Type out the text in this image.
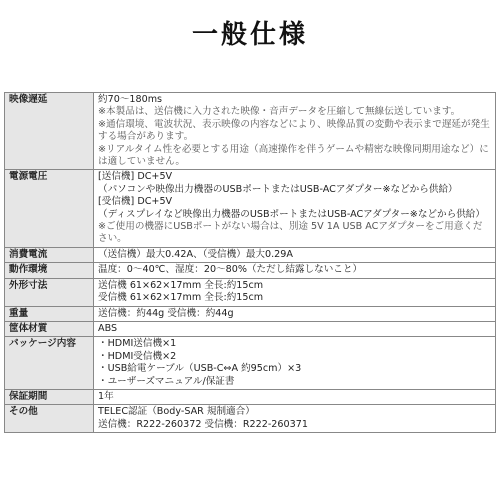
一般仕様
映像遅延	約70～180ms
※本製品は、送信機に入力された映像・音声データを圧縮して無線伝送しています。
※通信環境、電波状況、表示映像の内容などにより、映像品質の変動や表示まで遅延が発生する場合があります。
※リアルタイム性を必要とする用途（高速操作を伴うゲームや精密な映像同期用途など）には適していません。

電源電圧	[送信機] DC+5V
（パソコンや映像出力機器のUSBポートまたはUSB-ACアダプター※などから供給）
[受信機] DC+5V
（ディスプレイなど映像出力機器のUSBポートまたはUSB-ACアダプター※などから供給）
※ご使用の機器にUSBポートがない場合は、別途 5V 1A USB ACアダプターをご用意ください。

消費電流	（送信機）最大0.42A、（受信機）最大0.29A

動作環境	温度：0～40℃、湿度：20～80%（ただし結露しないこと）

外形寸法	送信機 61×62×17mm 全長:約15cm
受信機 61×62×17mm 全長:約15cm

重量	送信機：約44g 受信機：約44g

筐体材質	ABS

パッケージ内容	・HDMI送信機×1
・HDMI受信機×2
・USB給電ケーブル（USB-C⇔A 約95cm）×3
・ユーザーズマニュアル/保証書

保証期間	1年

その他	TELEC認証（Body-SAR 規制適合）
送信機：R222-260372 受信機：R222-260371
